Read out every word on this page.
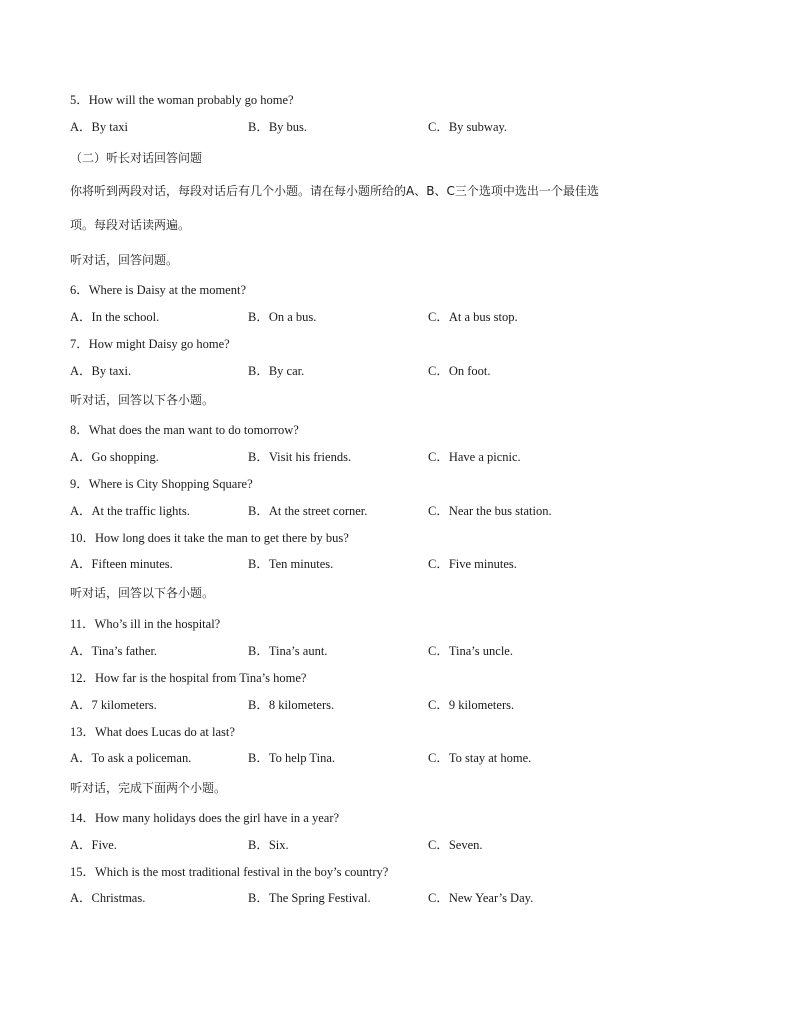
5．How will the woman probably go home?
A．By taxi	B．By bus.	C．By subway.
（二）听长对话回答问题
你将听到两段对话，每段对话后有几个小题。请在每小题所给的A、B、C三个选项中选出一个最佳选
项。每段对话读两遍。
听对话，回答问题。
6．Where is Daisy at the moment?
A．In the school.	B．On a bus.	C．At a bus stop.
7．How might Daisy go home?
A．By taxi.	B．By car.	C．On foot.
听对话，回答以下各小题。
8．What does the man want to do tomorrow?
A．Go shopping.	B．Visit his friends.	C．Have a picnic.
9．Where is City Shopping Square?
A．At the traffic lights.	B．At the street corner.	C．Near the bus station.
10．How long does it take the man to get there by bus?
A．Fifteen minutes.	B．Ten minutes.	C．Five minutes.
听对话，回答以下各小题。
11．Who’s ill in the hospital?
A．Tina’s father.	B．Tina’s aunt.	C．Tina’s uncle.
12．How far is the hospital from Tina’s home?
A．7 kilometers.	B．8 kilometers.	C．9 kilometers.
13．What does Lucas do at last?
A．To ask a policeman.	B．To help Tina.	C．To stay at home.
听对话，完成下面两个小题。
14．How many holidays does the girl have in a year?
A．Five.	B．Six.	C．Seven.
15．Which is the most traditional festival in the boy’s country?
A．Christmas.	B．The Spring Festival.	C．New Year’s Day.
